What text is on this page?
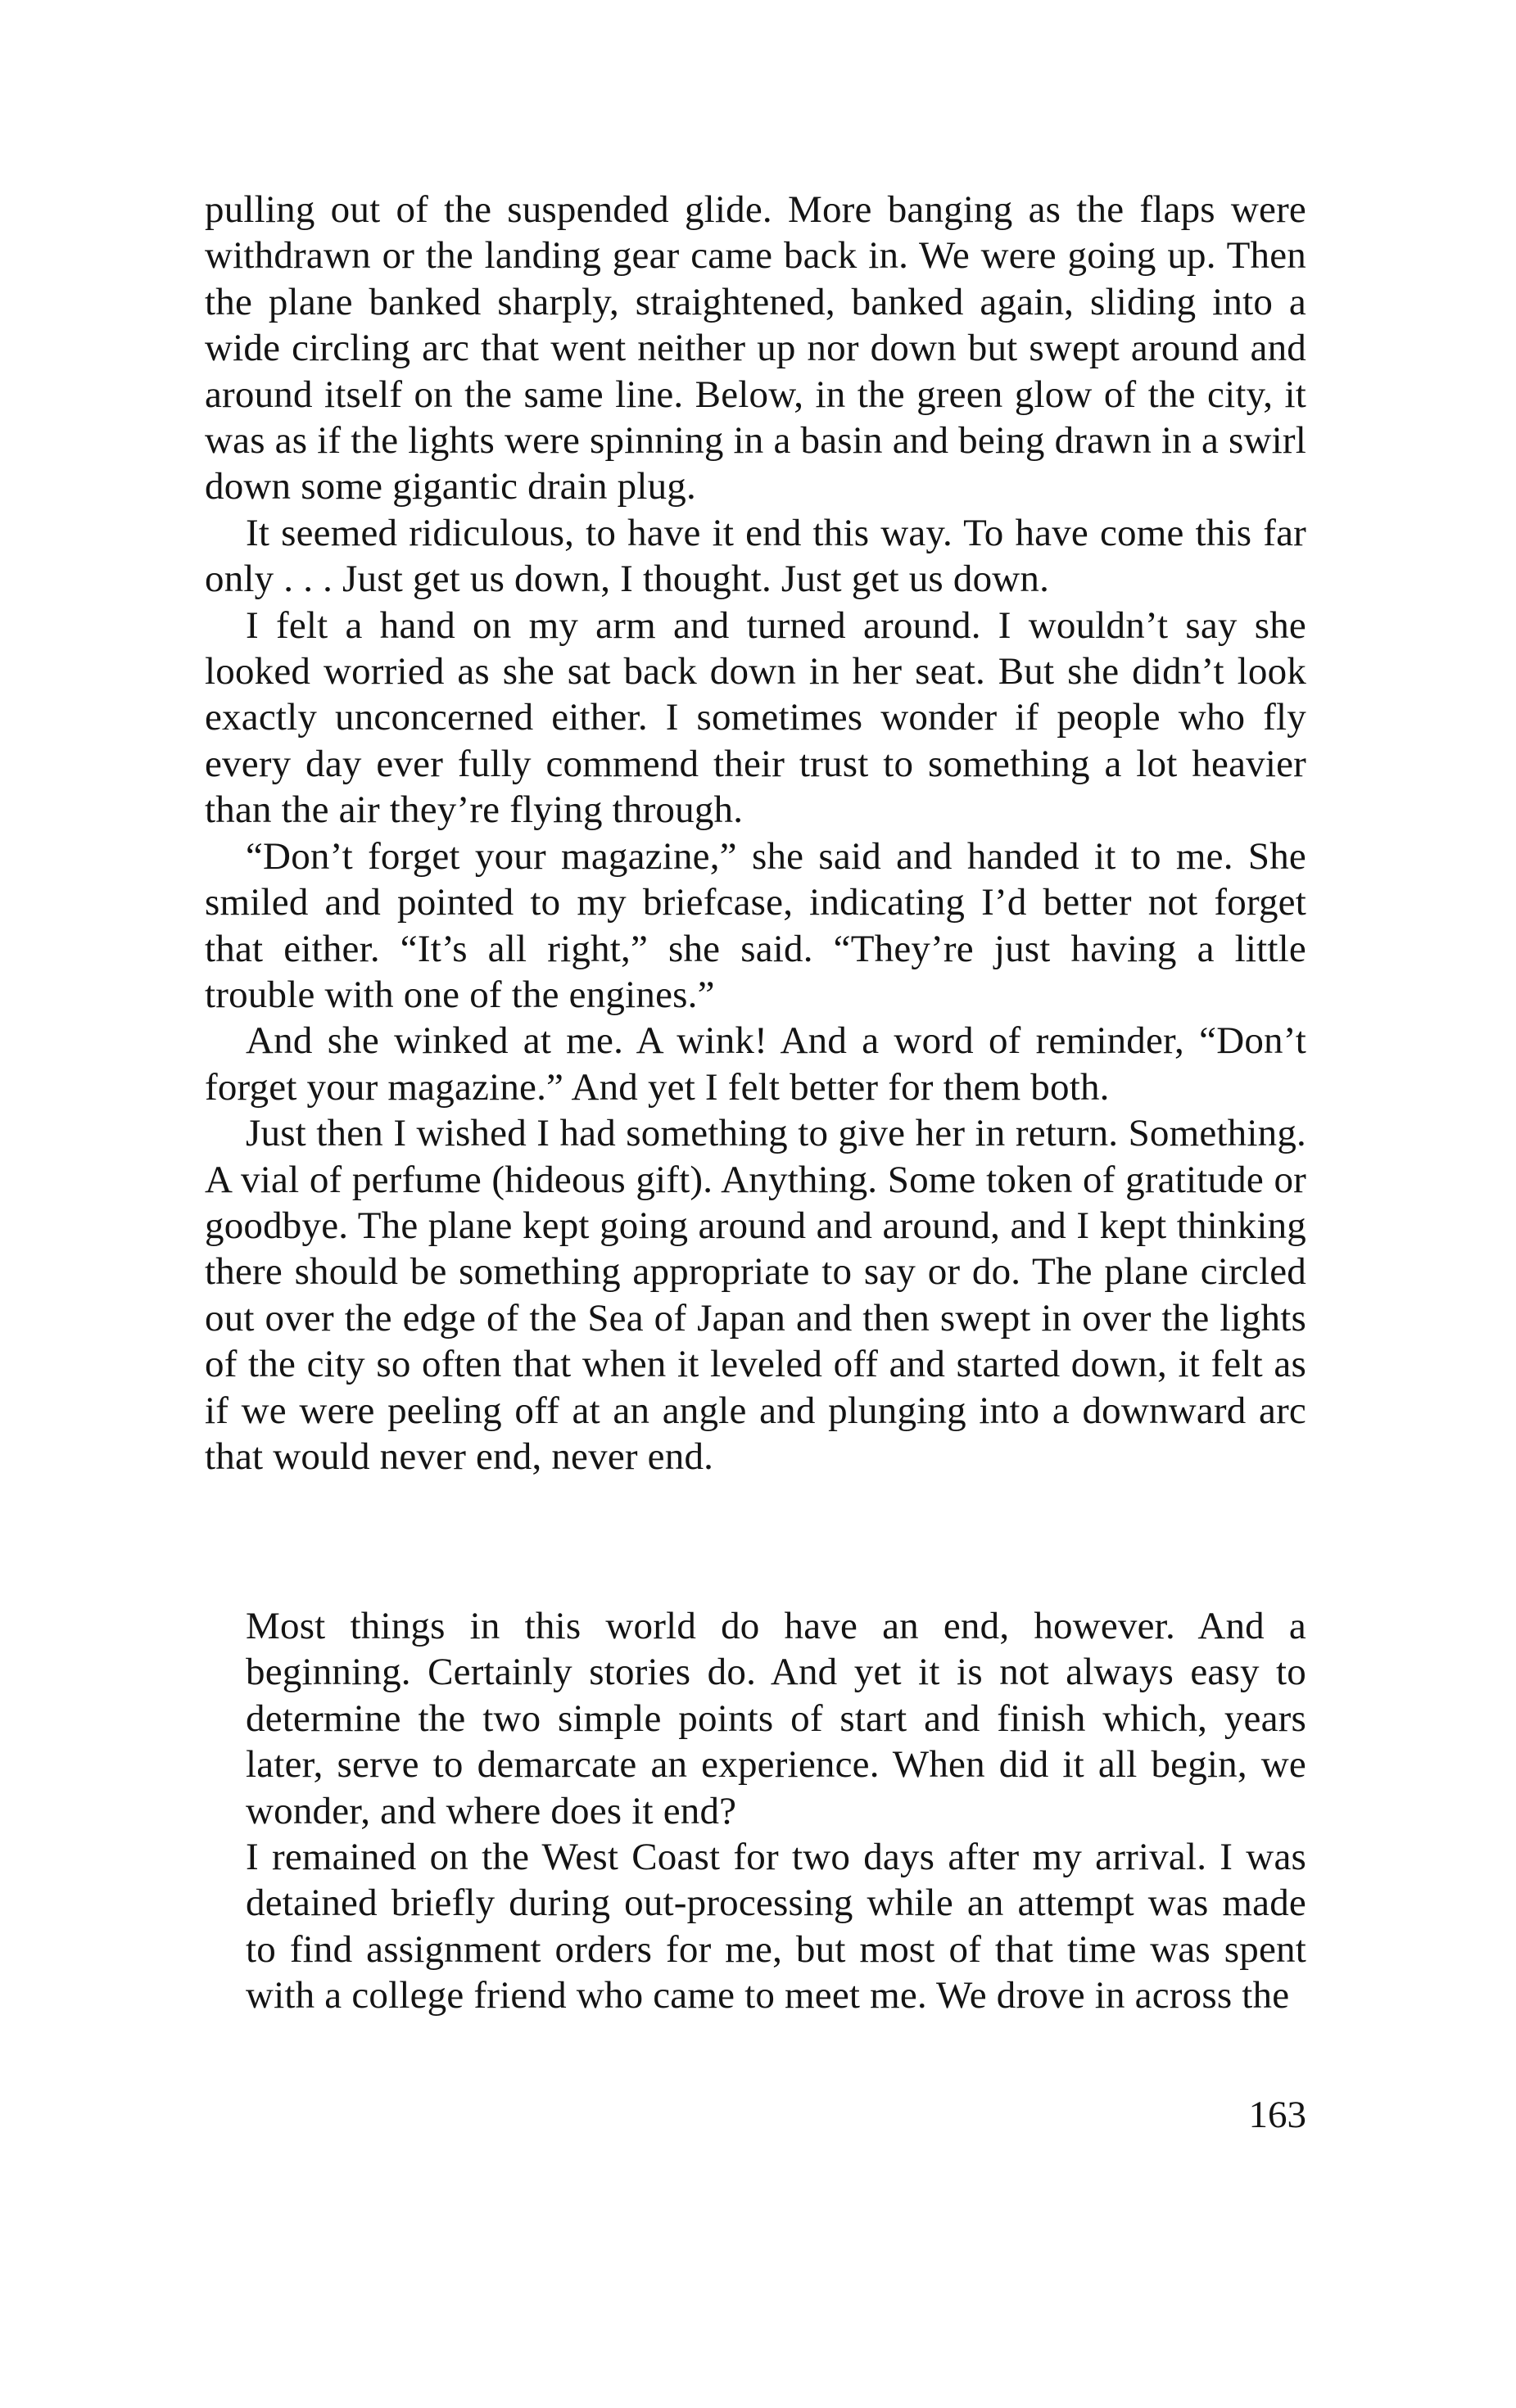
pulling out of the suspended glide. More banging as the flaps were withdrawn or the landing gear came back in. We were going up. Then the plane banked sharply, straightened, banked again, sliding into a wide circling arc that went neither up nor down but swept around and around itself on the same line. Below, in the green glow of the city, it was as if the lights were spinning in a basin and being drawn in a swirl down some gigantic drain plug.

It seemed ridiculous, to have it end this way. To have come this far only . . . Just get us down, I thought. Just get us down.

I felt a hand on my arm and turned around. I wouldn’t say she looked worried as she sat back down in her seat. But she didn’t look exactly unconcerned either. I sometimes wonder if people who fly every day ever fully commend their trust to something a lot heavier than the air they’re flying through.

“Don’t forget your magazine,” she said and handed it to me. She smiled and pointed to my briefcase, indicating I’d better not forget that either. “It’s all right,” she said. “They’re just having a little trouble with one of the engines.”

And she winked at me. A wink! And a word of reminder, “Don’t forget your magazine.” And yet I felt better for them both.

Just then I wished I had something to give her in return. Something. A vial of perfume (hideous gift). Anything. Some token of gratitude or goodbye. The plane kept going around and around, and I kept thinking there should be something appropriate to say or do. The plane circled out over the edge of the Sea of Japan and then swept in over the lights of the city so often that when it leveled off and started down, it felt as if we were peeling off at an angle and plunging into a downward arc that would never end, never end.

Most things in this world do have an end, however. And a beginning. Certainly stories do. And yet it is not always easy to determine the two simple points of start and finish which, years later, serve to demarcate an experience. When did it all begin, we wonder, and where does it end?

I remained on the West Coast for two days after my arrival. I was detained briefly during out-processing while an attempt was made to find assignment orders for me, but most of that time was spent with a college friend who came to meet me. We drove in across the

163
